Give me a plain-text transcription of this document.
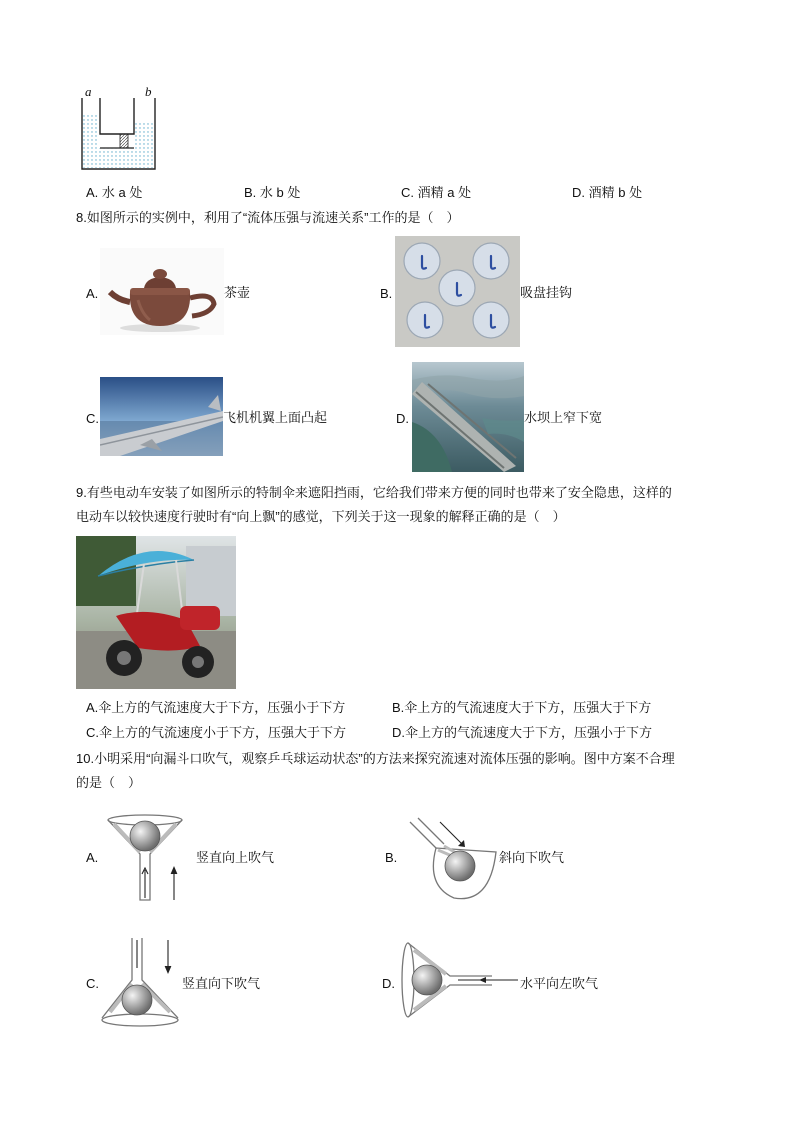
a	b
A. 水 a 处	B. 水 b 处	C. 酒精 a 处	D. 酒精 b 处
8.如图所示的实例中，利用了“流体压强与流速关系”工作的是（　）
A.	茶壶	B.	吸盘挂钩
C.	飞机机翼上面凸起	D.	水坝上窄下宽
9.有些电动车安装了如图所示的特制伞来遮阳挡雨，它给我们带来方便的同时也带来了安全隐患，这样的
电动车以较快速度行驶时有“向上飘”的感觉，下列关于这一现象的解释正确的是（　）
A.伞上方的气流速度大于下方，压强小于下方	B.伞上方的气流速度大于下方，压强大于下方
C.伞上方的气流速度小于下方，压强大于下方	D.伞上方的气流速度大于下方，压强小于下方
10.小明采用“向漏斗口吹气，观察乒乓球运动状态”的方法来探究流速对流体压强的影响。图中方案不合理
的是（　）
A.	竖直向上吹气	B.	斜向下吹气
C.	竖直向下吹气	D.	水平向左吹气
